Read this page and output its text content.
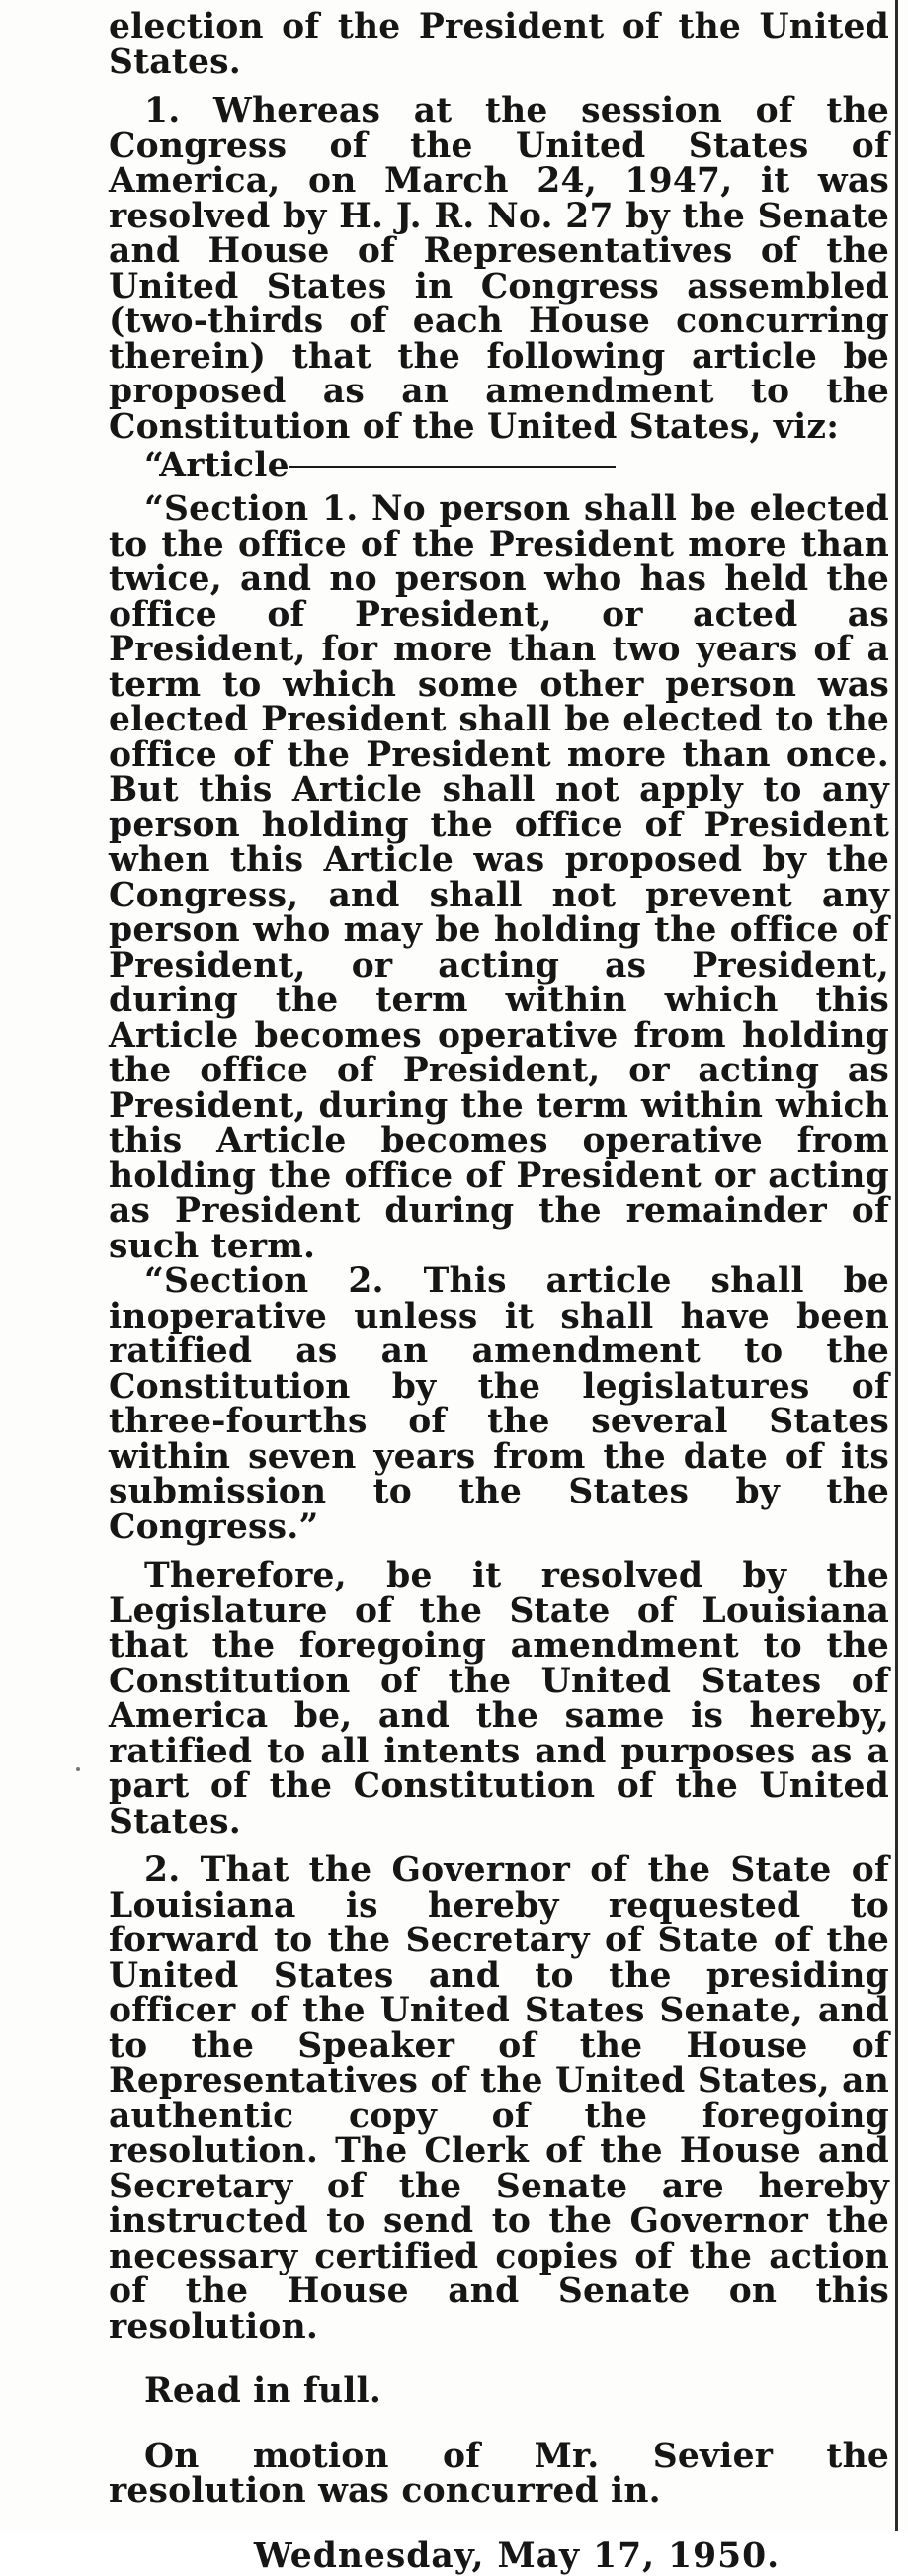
election of the President of the United States.

1. Whereas at the session of the Congress of the United States of America, on March 24, 1947, it was resolved by H. J. R. No. 27 by the Senate and House of Representatives of the United States in Congress assembled (two-thirds of each House concurring therein) that the following article be proposed as an amendment to the Constitution of the United States, viz:

“Article

“Section 1. No person shall be elected to the office of the President more than twice, and no person who has held the office of President, or acted as President, for more than two years of a term to which some other person was elected President shall be elected to the office of the President more than once. But this Article shall not apply to any person holding the office of President when this Article was proposed by the Congress, and shall not prevent any person who may be holding the office of President, or acting as President, during the term within which this Article becomes operative from holding the office of President, or acting as President, during the term within which this Article becomes operative from holding the office of President or acting as President during the remainder of such term.

“Section 2. This article shall be inoperative unless it shall have been ratified as an amendment to the Constitution by the legislatures of three-fourths of the several States within seven years from the date of its submission to the States by the Congress.”

Therefore, be it resolved by the Legislature of the State of Louisiana that the foregoing amendment to the Constitution of the United States of America be, and the same is hereby, ratified to all intents and purposes as a part of the Constitution of the United States.

2. That the Governor of the State of Louisiana is hereby requested to forward to the Secretary of State of the United States and to the presiding officer of the United States Senate, and to the Speaker of the House of Representatives of the United States, an authentic copy of the foregoing resolution. The Clerk of the House and Secretary of the Senate are hereby instructed to send to the Governor the necessary certified copies of the action of the House and Senate on this resolution.

Read in full.

On motion of Mr. Sevier the resolution was concurred in.

Wednesday, May 17, 1950.
